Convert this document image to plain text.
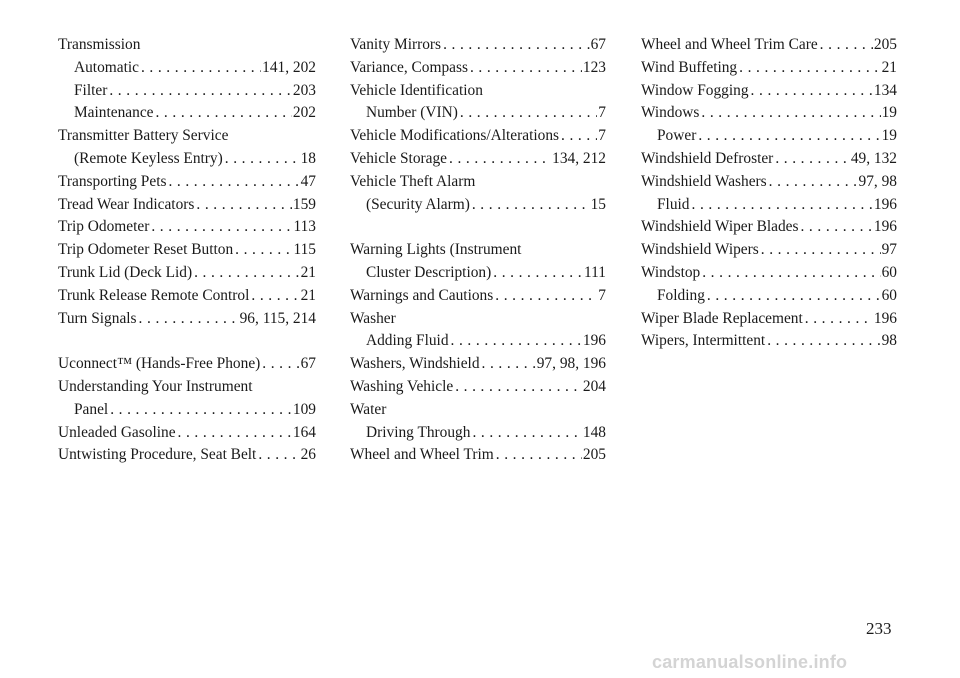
Transmission
Automatic .....	141, 202
Filter .....	203
Maintenance .....	202
Transmitter Battery Service
(Remote Keyless Entry) .....	18
Transporting Pets .....	47
Tread Wear Indicators .....	159
Trip Odometer .....	113
Trip Odometer Reset Button .....	115
Trunk Lid (Deck Lid) .....	21
Trunk Release Remote Control .....	21
Turn Signals .....	96, 115, 214
Uconnect™ (Hands-Free Phone) .....	67
Understanding Your Instrument
Panel .....	109
Unleaded Gasoline .....	164
Untwisting Procedure, Seat Belt .....	26
Vanity Mirrors .....	67
Variance, Compass .....	123
Vehicle Identification
Number (VIN) .....	7
Vehicle Modifications/Alterations .....	7
Vehicle Storage .....	134, 212
Vehicle Theft Alarm
(Security Alarm) .....	15
Warning Lights (Instrument
Cluster Description) .....	111
Warnings and Cautions .....	7
Washer
Adding Fluid .....	196
Washers, Windshield .....	97, 98, 196
Washing Vehicle .....	204
Water
Driving Through .....	148
Wheel and Wheel Trim .....	205
Wheel and Wheel Trim Care .....	205
Wind Buffeting .....	21
Window Fogging .....	134
Windows .....	19
Power .....	19
Windshield Defroster .....	49, 132
Windshield Washers .....	97, 98
Fluid .....	196
Windshield Wiper Blades .....	196
Windshield Wipers .....	97
Windstop .....	60
Folding .....	60
Wiper Blade Replacement .....	196
Wipers, Intermittent .....	98
233
carmanualsonline.info
